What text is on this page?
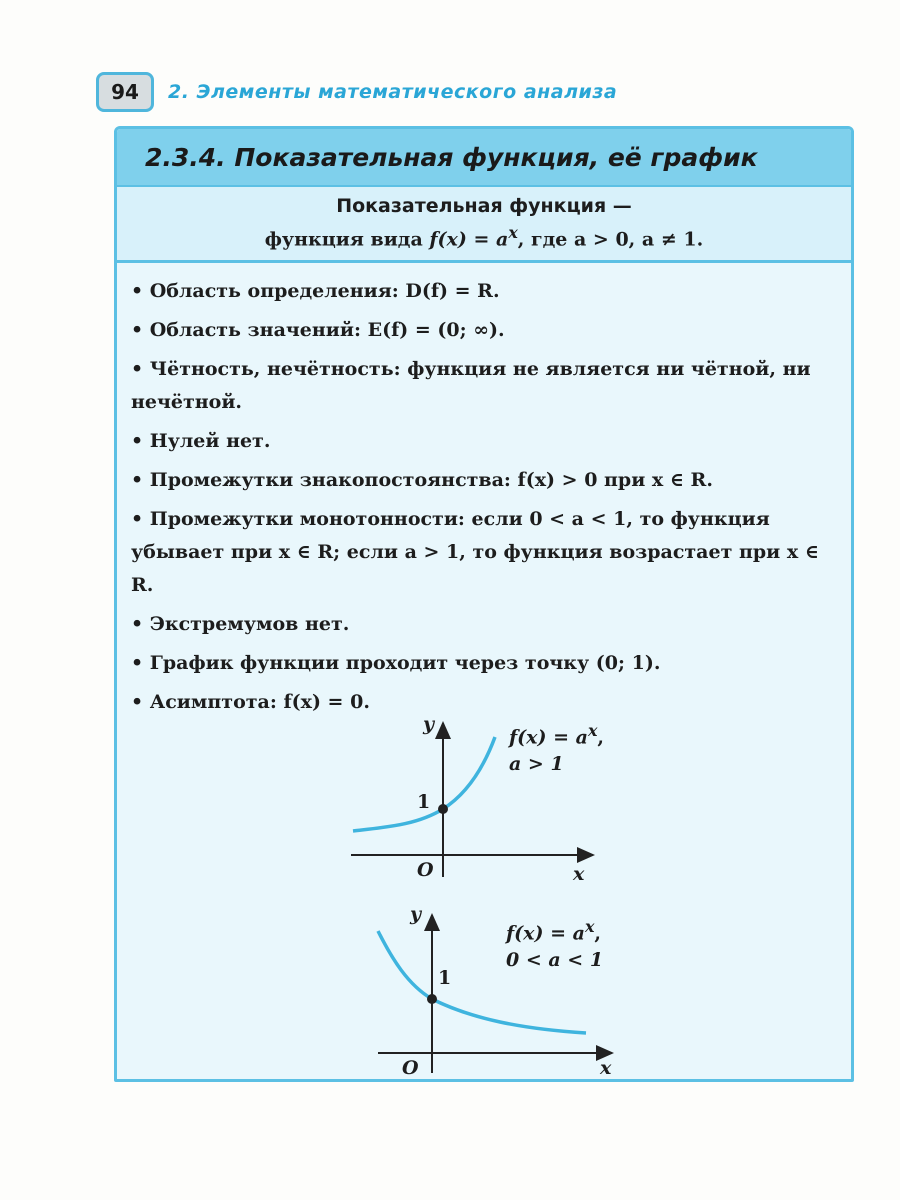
94	2. Элементы математического анализа
2.3.4. Показательная функция, её график
Показательная функция —
функция вида $f(x) = a^x$, где a > 0, a ≠ 1.
• Область определения: D(f) = R.
• Область значений: E(f) = (0; ∞).
• Чётность, нечётность: функция не является ни чётной, ни нечётной.
• Нулей нет.
• Промежутки знакопостоянства: f(x) > 0 при x ∈ R.
• Промежутки монотонности: если 0 < a < 1, то функция убывает при x ∈ R; если a > 1, то функция возрастает при x ∈ R.
• Экстремумов нет.
• График функции проходит через точку (0; 1).
• Асимптота: f(x) = 0.
y
x
O
1
$f(x) = a^x$,
a > 1
y
x
O
1
$f(x) = a^x$,
0 < a < 1
